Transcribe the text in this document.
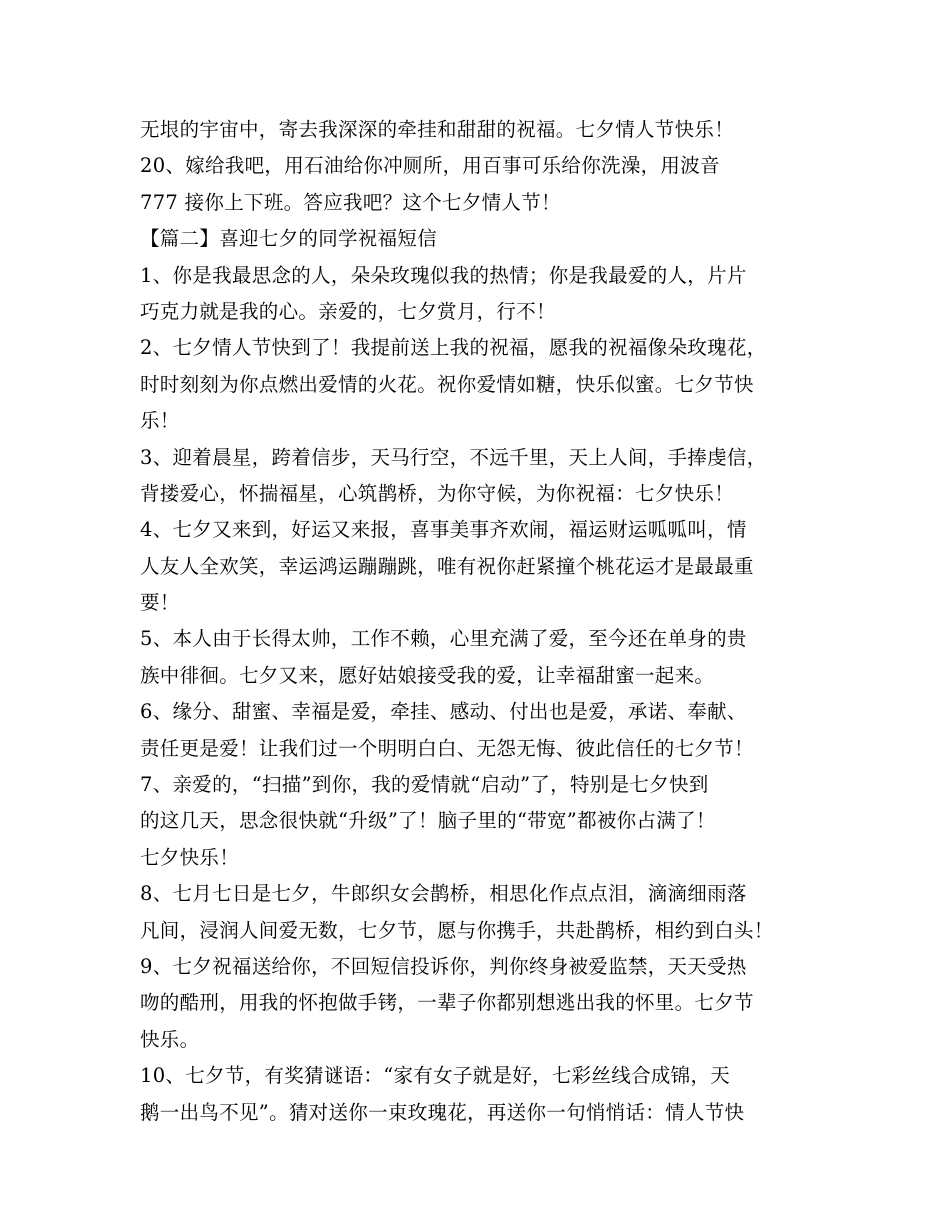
无垠的宇宙中，寄去我深深的牵挂和甜甜的祝福。七夕情人节快乐！
20、嫁给我吧，用石油给你冲厕所，用百事可乐给你洗澡，用波音
777 接你上下班。答应我吧？这个七夕情人节！
【篇二】喜迎七夕的同学祝福短信
1、你是我最思念的人，朵朵玫瑰似我的热情；你是我最爱的人，片片
巧克力就是我的心。亲爱的，七夕赏月，行不！
2、七夕情人节快到了！我提前送上我的祝福，愿我的祝福像朵玫瑰花，
时时刻刻为你点燃出爱情的火花。祝你爱情如糖，快乐似蜜。七夕节快
乐！
3、迎着晨星，跨着信步，天马行空，不远千里，天上人间，手捧虔信，
背搂爱心，怀揣福星，心筑鹊桥，为你守候，为你祝福：七夕快乐！
4、七夕又来到，好运又来报，喜事美事齐欢闹，福运财运呱呱叫，情
人友人全欢笑，幸运鸿运蹦蹦跳，唯有祝你赶紧撞个桃花运才是最最重
要！
5、本人由于长得太帅，工作不赖，心里充满了爱，至今还在单身的贵
族中徘徊。七夕又来，愿好姑娘接受我的爱，让幸福甜蜜一起来。
6、缘分、甜蜜、幸福是爱，牵挂、感动、付出也是爱，承诺、奉献、
责任更是爱！让我们过一个明明白白、无怨无悔、彼此信任的七夕节！
7、亲爱的，“扫描”到你，我的爱情就“启动”了，特别是七夕快到
的这几天，思念很快就“升级”了！脑子里的“带宽”都被你占满了！
七夕快乐！
8、七月七日是七夕，牛郎织女会鹊桥，相思化作点点泪，滴滴细雨落
凡间，浸润人间爱无数，七夕节，愿与你携手，共赴鹊桥，相约到白头！
9、七夕祝福送给你，不回短信投诉你，判你终身被爱监禁，天天受热
吻的酷刑，用我的怀抱做手铐，一辈子你都别想逃出我的怀里。七夕节
快乐。
10、七夕节，有奖猜谜语：“家有女子就是好，七彩丝线合成锦，天
鹅一出鸟不见”。猜对送你一束玫瑰花，再送你一句悄悄话：情人节快
